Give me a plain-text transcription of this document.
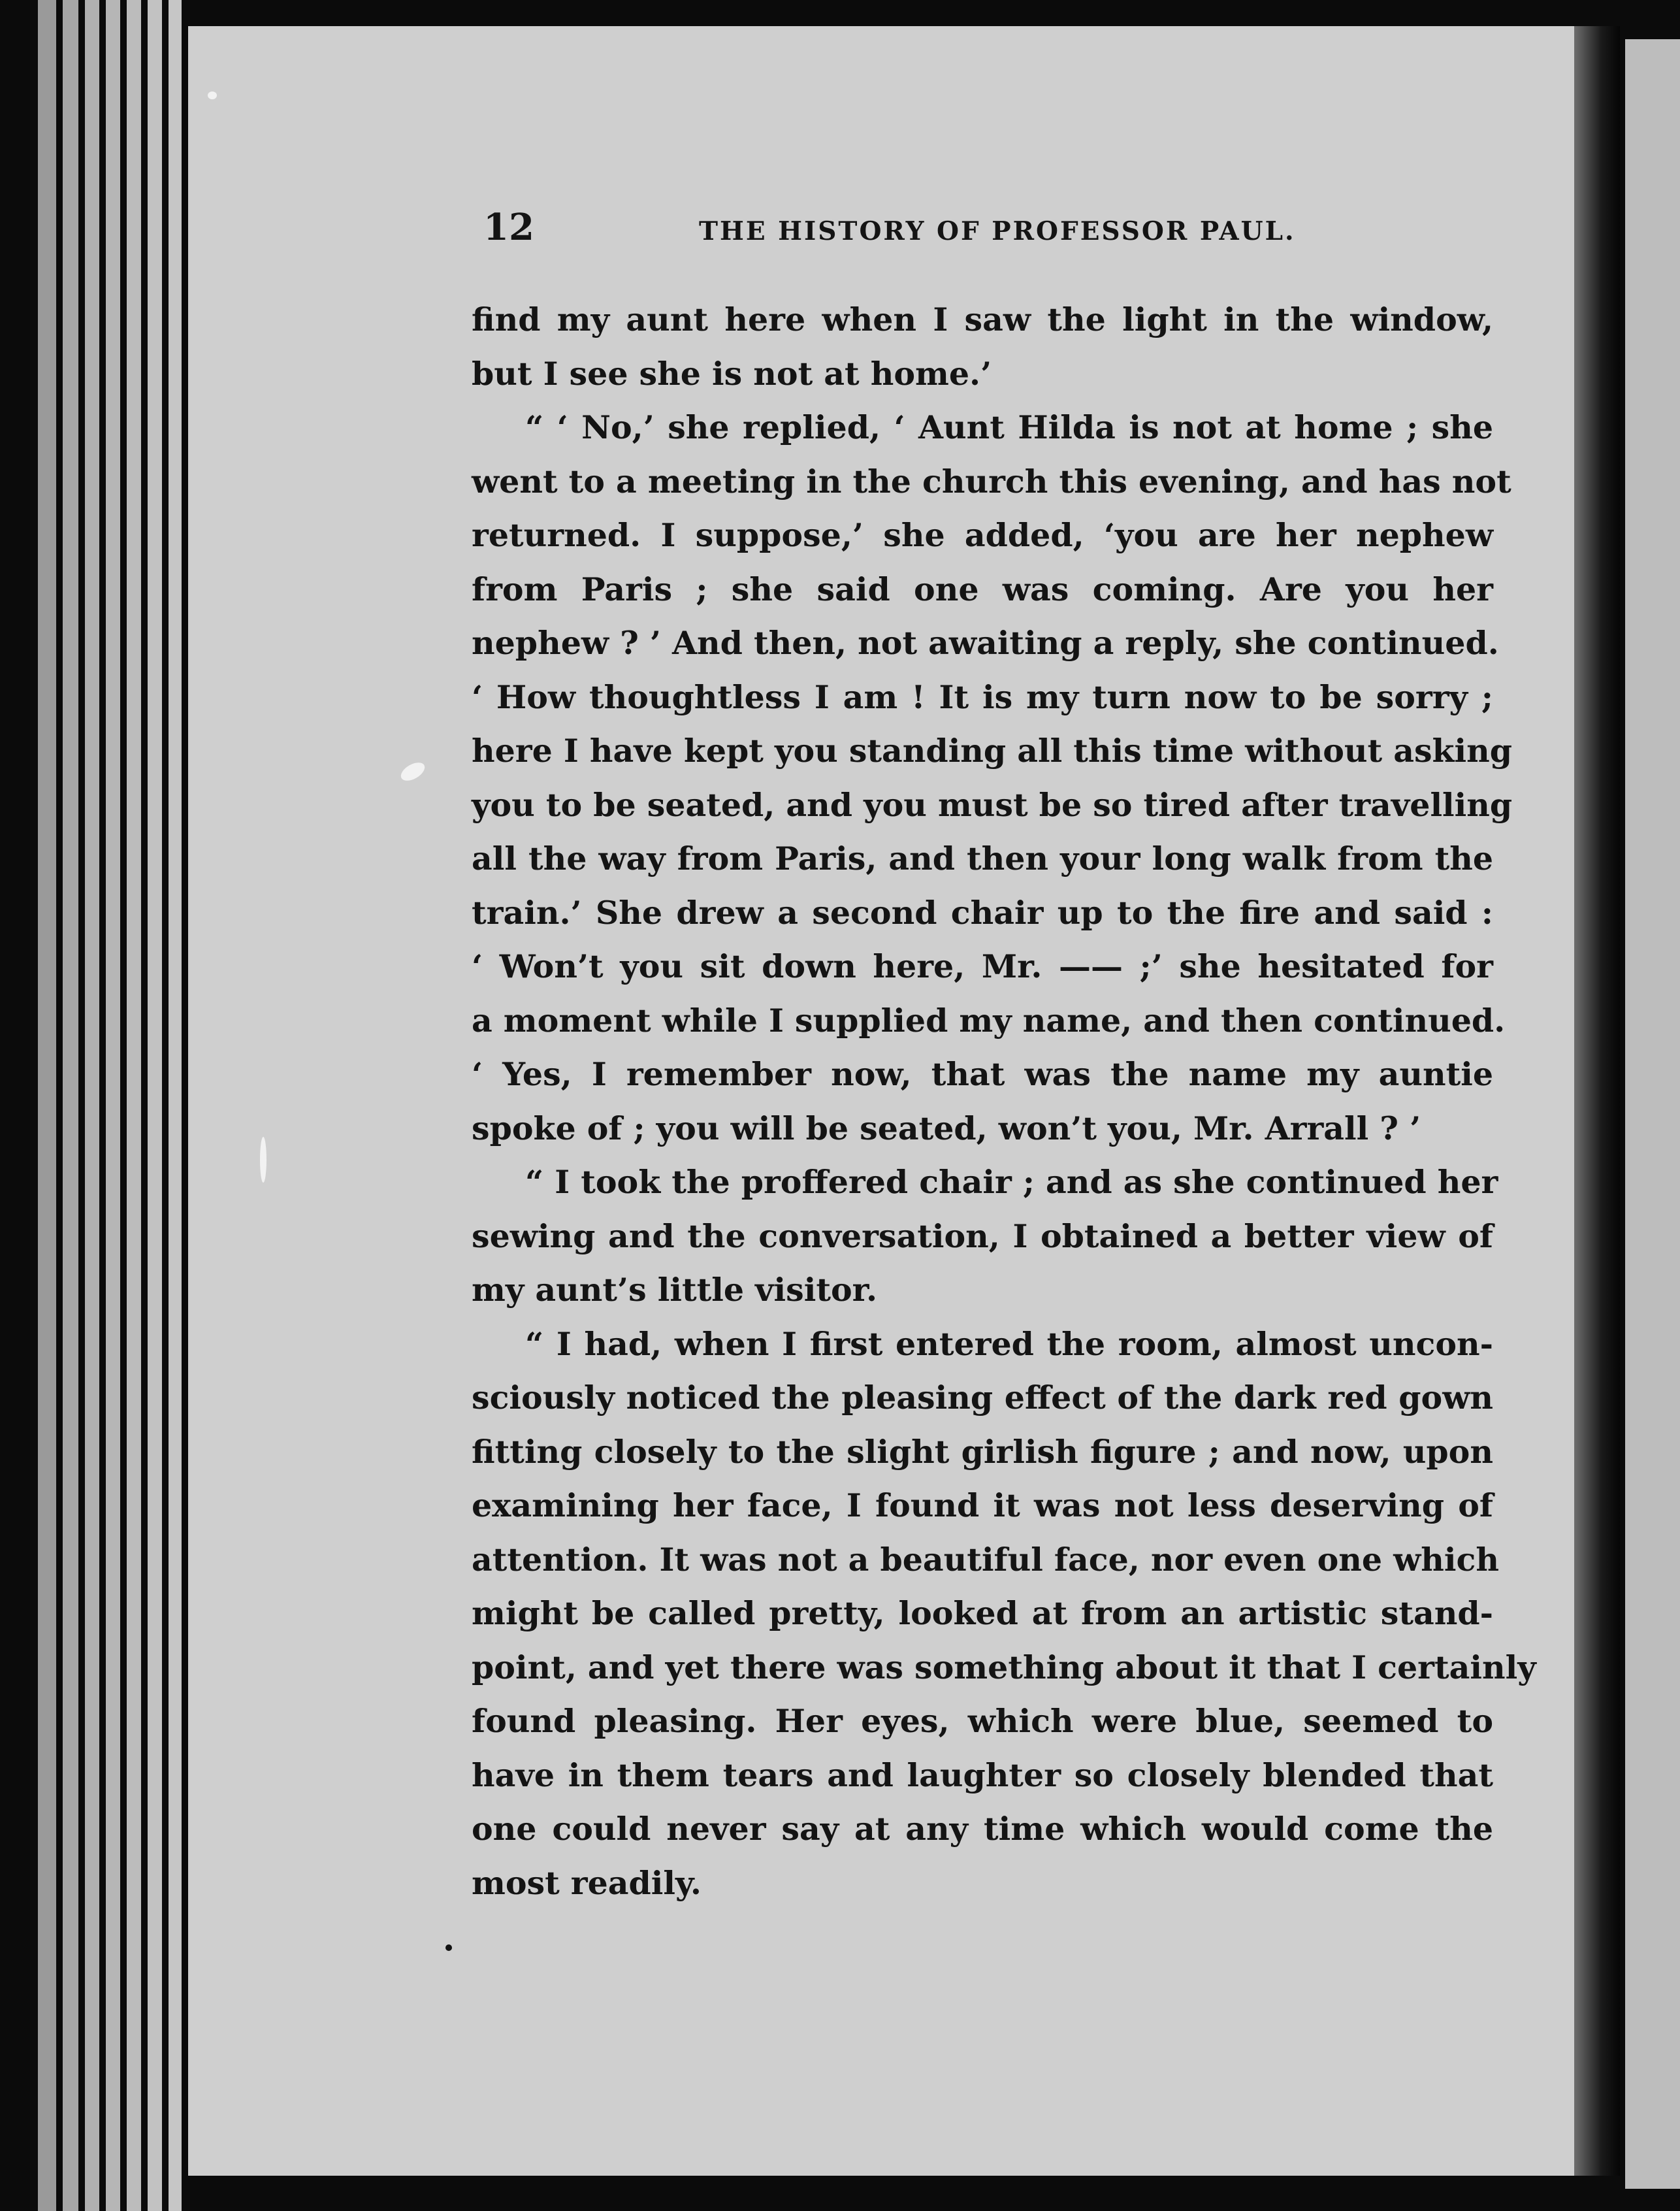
12	THE HISTORY OF PROFESSOR PAUL.
find my aunt here when I saw the light in the window,
but I see she is not at home.’
“ ‘ No,’ she replied, ‘ Aunt Hilda is not at home ; she
went to a meeting in the church this evening, and has not
returned. I suppose,’ she added, ‘you are her nephew
from Paris ; she said one was coming. Are you her
nephew ? ’ And then, not awaiting a reply, she continued.
‘ How thoughtless I am ! It is my turn now to be sorry ;
here I have kept you standing all this time without asking
you to be seated, and you must be so tired after travelling
all the way from Paris, and then your long walk from the
train.’ She drew a second chair up to the fire and said :
‘ Won’t you sit down here, Mr. —— ;’ she hesitated for
a moment while I supplied my name, and then continued.
‘ Yes, I remember now, that was the name my auntie
spoke of ; you will be seated, won’t you, Mr. Arrall ? ’
“ I took the proffered chair ; and as she continued her
sewing and the conversation, I obtained a better view of
my aunt’s little visitor.
“ I had, when I first entered the room, almost uncon-
sciously noticed the pleasing effect of the dark red gown
fitting closely to the slight girlish figure ; and now, upon
examining her face, I found it was not less deserving of
attention. It was not a beautiful face, nor even one which
might be called pretty, looked at from an artistic stand-
point, and yet there was something about it that I certainly
found pleasing. Her eyes, which were blue, seemed to
have in them tears and laughter so closely blended that
one could never say at any time which would come the
most readily.
